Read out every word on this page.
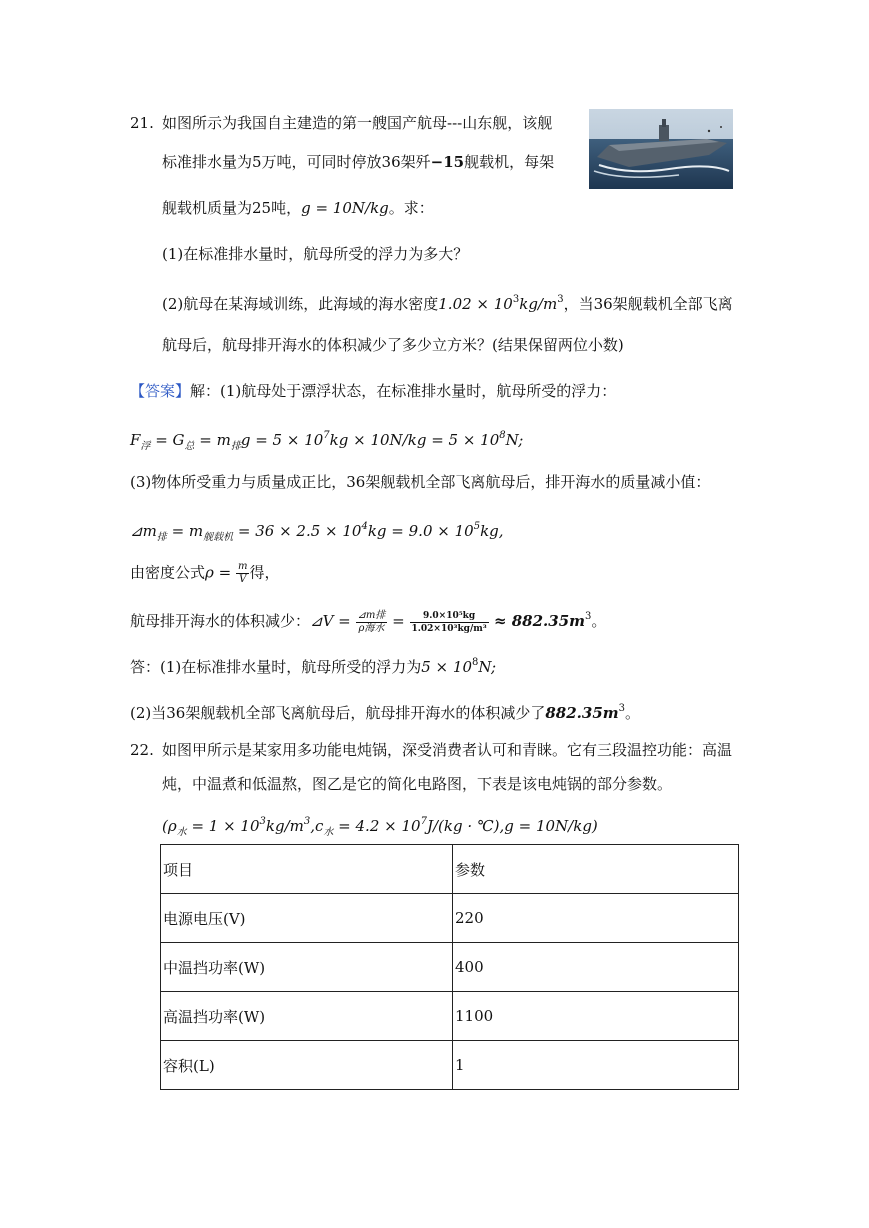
21. 如图所示为我国自主建造的第一艘国产航母---山东舰，该舰
标准排水量为5万吨，可同时停放36架歼−15舰载机，每架
舰载机质量为25吨，g = 10N/kg。求：
(1)在标准排水量时，航母所受的浮力为多大？
(2)航母在某海域训练，此海域的海水密度$1.02 \times 10^3kg/m^3$，当36架舰载机全部飞离
航母后，航母排开海水的体积减少了多少立方米？(结果保留两位小数)
【答案】解：(1)航母处于漂浮状态，在标准排水量时，航母所受的浮力：
$F_浮 = G_总 = m_排g = 5 \times 10^7kg \times 10N/kg = 5 \times 10^8N$;
(3)物体所受重力与质量成正比，36架舰载机全部飞离航母后，排开海水的质量减小值：
$⊿m_排 = m_{舰载机} = 36 \times 2.5 \times 10^4kg = 9.0 \times 10^5kg$,
由密度公式$\rho = \frac{m}{V}$ 得，
航母排开海水的体积减少：⊿V = $\frac{\text{⊿m排}}{\text{ρ海水}} = \frac{\text{9.0×10⁵kg}}{\text{1.02×10³kg/m³}} \approx 882.35m^3$。
答：(1)在标准排水量时，航母所受的浮力为$5 \times 10^8N$;
(2)当36架舰载机全部飞离航母后，航母排开海水的体积减少了$882.35m^3$。
22. 如图甲所示是某家用多功能电炖锅，深受消费者认可和青睐。它有三段温控功能：高温
炖，中温煮和低温熬，图乙是它的简化电路图，下表是该电炖锅的部分参数。
($\rho_水 = 1 \times 10^3kg/m^3,c_水 = 4.2 \times 10^7J/(kg$ · ℃),g = 10N/kg)
项目	参数
电源电压(V)	220
中温挡功率(W)	400
高温挡功率(W)	1100
容积(L)	1
